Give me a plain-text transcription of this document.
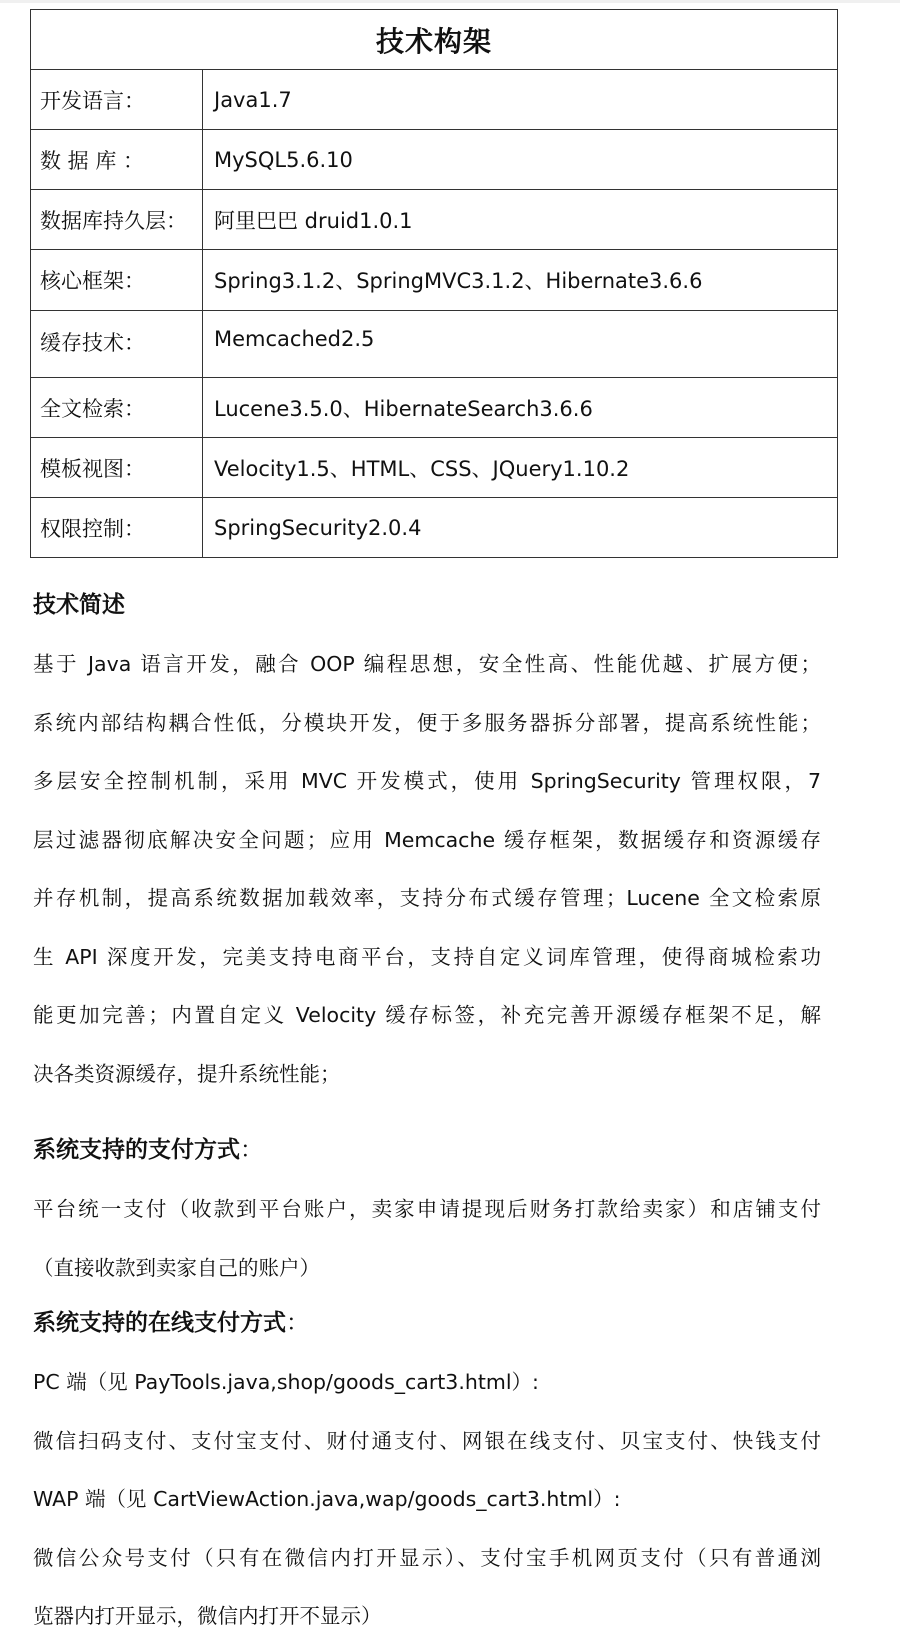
技术构架	
开发语言：	Java1.7
数 据 库 ：	MySQL5.6.10
数据库持久层：	阿里巴巴 druid1.0.1
核心框架：	Spring3.1.2、SpringMVC3.1.2、Hibernate3.6.6
缓存技术：	Memcached2.5
全文检索：	Lucene3.5.0、HibernateSearch3.6.6
模板视图：	Velocity1.5、HTML、CSS、JQuery1.10.2
权限控制：	SpringSecurity2.0.4
技术简述
基于 Java 语言开发，融合 OOP 编程思想，安全性高、性能优越、扩展方便；
系统内部结构耦合性低，分模块开发，便于多服务器拆分部署，提高系统性能；
多层安全控制机制，采用 MVC 开发模式，使用 SpringSecurity 管理权限，7
层过滤器彻底解决安全问题；应用 Memcache 缓存框架，数据缓存和资源缓存
并存机制，提高系统数据加载效率，支持分布式缓存管理；Lucene 全文检索原
生 API 深度开发，完美支持电商平台，支持自定义词库管理，使得商城检索功
能更加完善；内置自定义 Velocity 缓存标签，补充完善开源缓存框架不足，解
决各类资源缓存，提升系统性能；
系统支持的支付方式：
平台统一支付（收款到平台账户，卖家申请提现后财务打款给卖家）和店铺支付
（直接收款到卖家自己的账户）
系统支持的在线支付方式：
PC 端（见 PayTools.java,shop/goods_cart3.html）:
微信扫码支付、支付宝支付、财付通支付、网银在线支付、贝宝支付、快钱支付
WAP 端（见 CartViewAction.java,wap/goods_cart3.html）:
微信公众号支付（只有在微信内打开显示）、支付宝手机网页支付（只有普通浏
览器内打开显示，微信内打开不显示）
